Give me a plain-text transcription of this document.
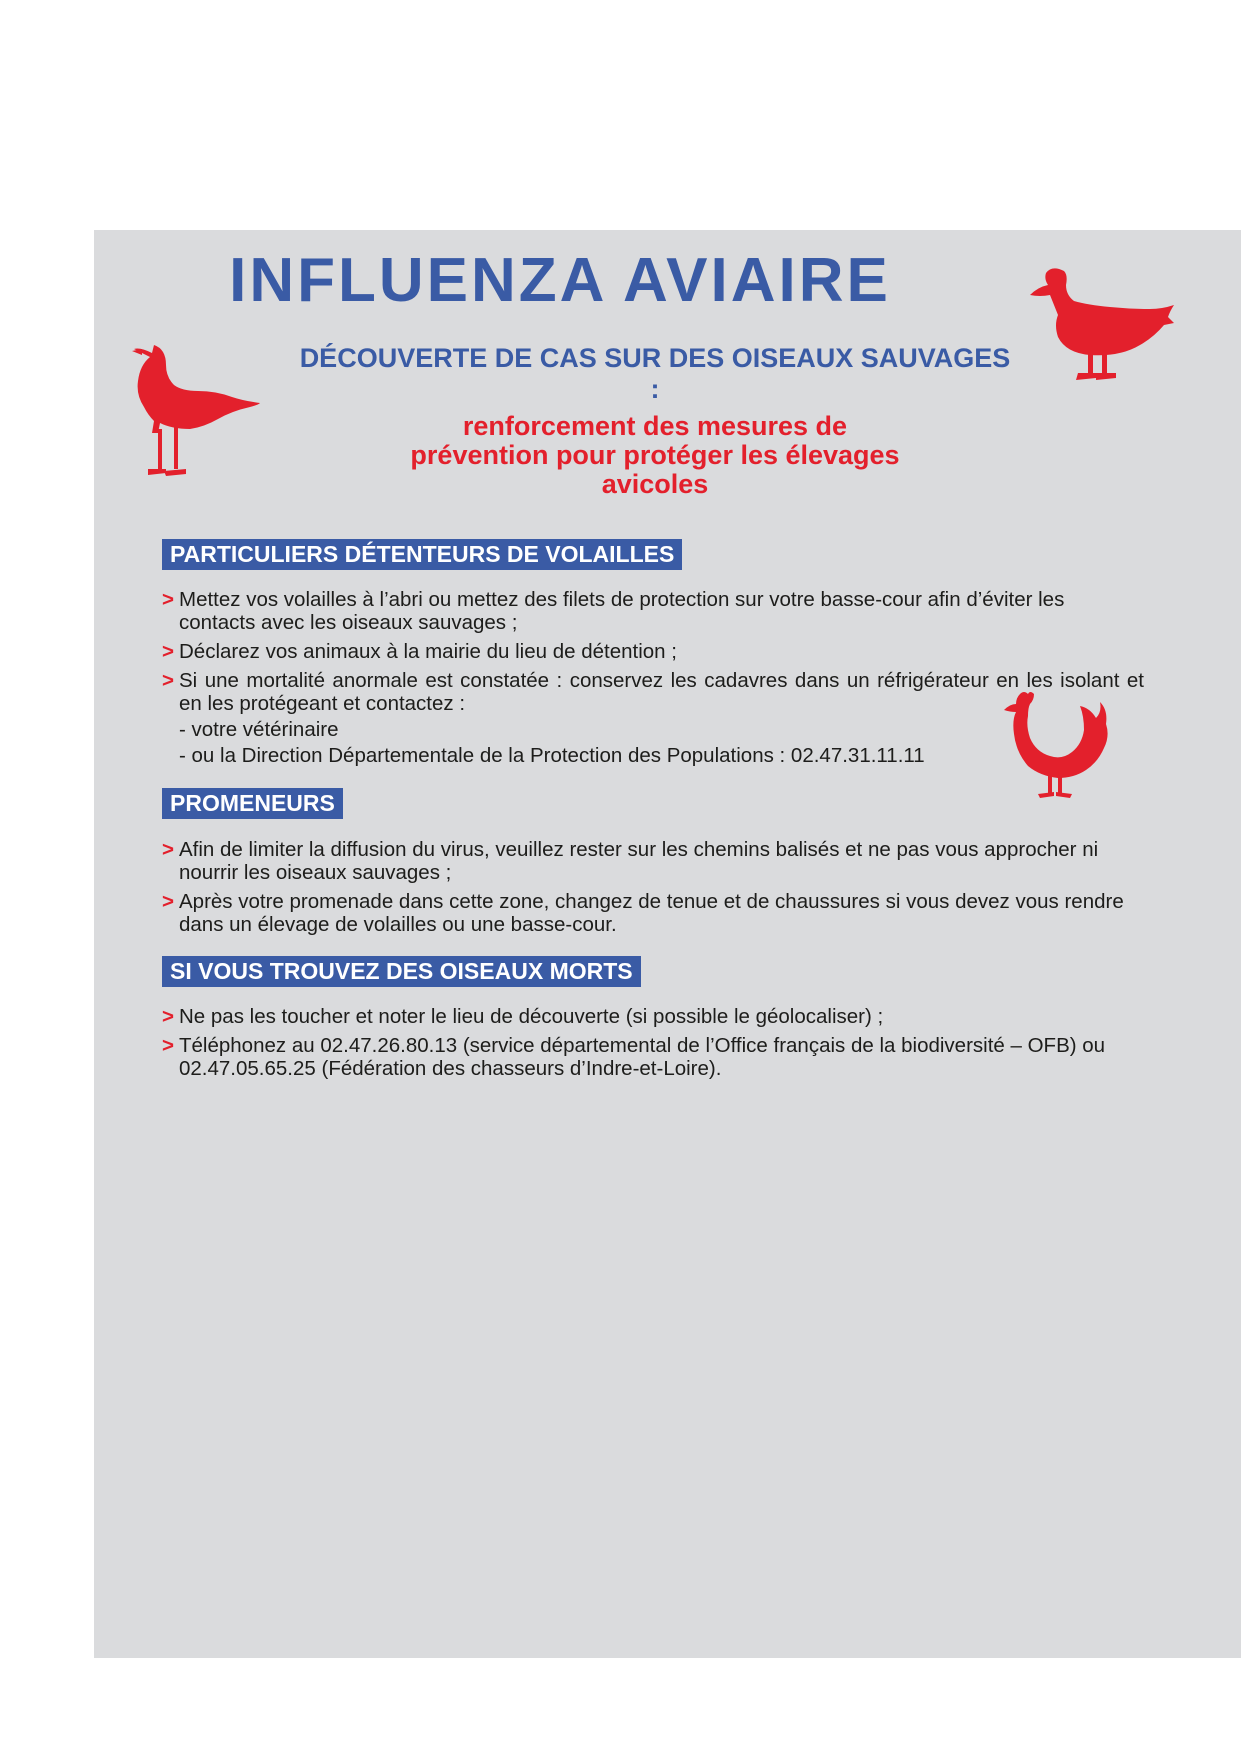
INFLUENZA AVIAIRE
DÉCOUVERTE DE CAS SUR DES OISEAUX SAUVAGES
:
renforcement des mesures de
prévention pour protéger les élevages
avicoles
PARTICULIERS DÉTENTEURS DE VOLAILLES
> Mettez vos volailles à l’abri ou mettez des filets de protection sur votre basse-cour afin d’éviter les contacts avec les oiseaux sauvages ;
> Déclarez vos animaux à la mairie du lieu de détention ;
> Si une mortalité anormale est constatée : conservez les cadavres dans un réfrigérateur en les isolant et en les protégeant et contactez :
- votre vétérinaire
- ou la Direction Départementale de la Protection des Populations : 02.47.31.11.11
PROMENEURS
> Afin de limiter la diffusion du virus, veuillez rester sur les chemins balisés et ne pas vous approcher ni nourrir les oiseaux sauvages ;
> Après votre promenade dans cette zone, changez de tenue et de chaussures si vous devez vous rendre dans un élevage de volailles ou une basse-cour.
SI VOUS TROUVEZ DES OISEAUX MORTS
> Ne pas les toucher et noter le lieu de découverte (si possible le géolocaliser) ;
> Téléphonez au 02.47.26.80.13 (service départemental de l’Office français de la biodiversité – OFB) ou 02.47.05.65.25 (Fédération des chasseurs d’Indre-et-Loire).
